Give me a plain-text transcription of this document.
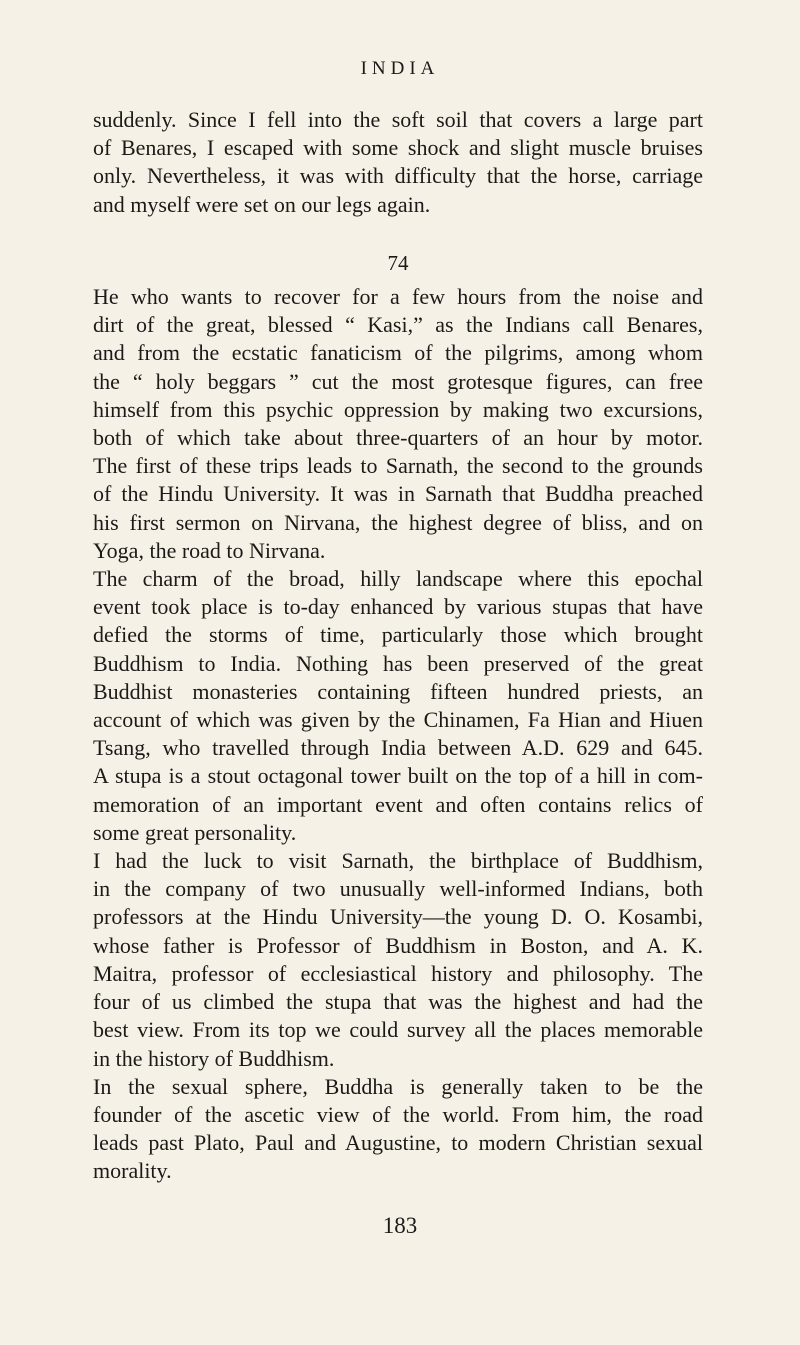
INDIA
suddenly. Since I fell into the soft soil that covers a large part
of Benares, I escaped with some shock and slight muscle bruises
only. Nevertheless, it was with difficulty that the horse, carriage
and myself were set on our legs again.
74
He who wants to recover for a few hours from the noise and
dirt of the great, blessed “ Kasi,” as the Indians call Benares,
and from the ecstatic fanaticism of the pilgrims, among whom
the “ holy beggars ” cut the most grotesque figures, can free
himself from this psychic oppression by making two excursions,
both of which take about three-quarters of an hour by motor.
The first of these trips leads to Sarnath, the second to the grounds
of the Hindu University. It was in Sarnath that Buddha preached
his first sermon on Nirvana, the highest degree of bliss, and on
Yoga, the road to Nirvana.
The charm of the broad, hilly landscape where this epochal
event took place is to-day enhanced by various stupas that have
defied the storms of time, particularly those which brought
Buddhism to India. Nothing has been preserved of the great
Buddhist monasteries containing fifteen hundred priests, an
account of which was given by the Chinamen, Fa Hian and Hiuen
Tsang, who travelled through India between A.D. 629 and 645.
A stupa is a stout octagonal tower built on the top of a hill in com-
memoration of an important event and often contains relics of
some great personality.
I had the luck to visit Sarnath, the birthplace of Buddhism,
in the company of two unusually well-informed Indians, both
professors at the Hindu University—the young D. O. Kosambi,
whose father is Professor of Buddhism in Boston, and A. K.
Maitra, professor of ecclesiastical history and philosophy. The
four of us climbed the stupa that was the highest and had the
best view. From its top we could survey all the places memorable
in the history of Buddhism.
In the sexual sphere, Buddha is generally taken to be the
founder of the ascetic view of the world. From him, the road
leads past Plato, Paul and Augustine, to modern Christian sexual
morality.
183
